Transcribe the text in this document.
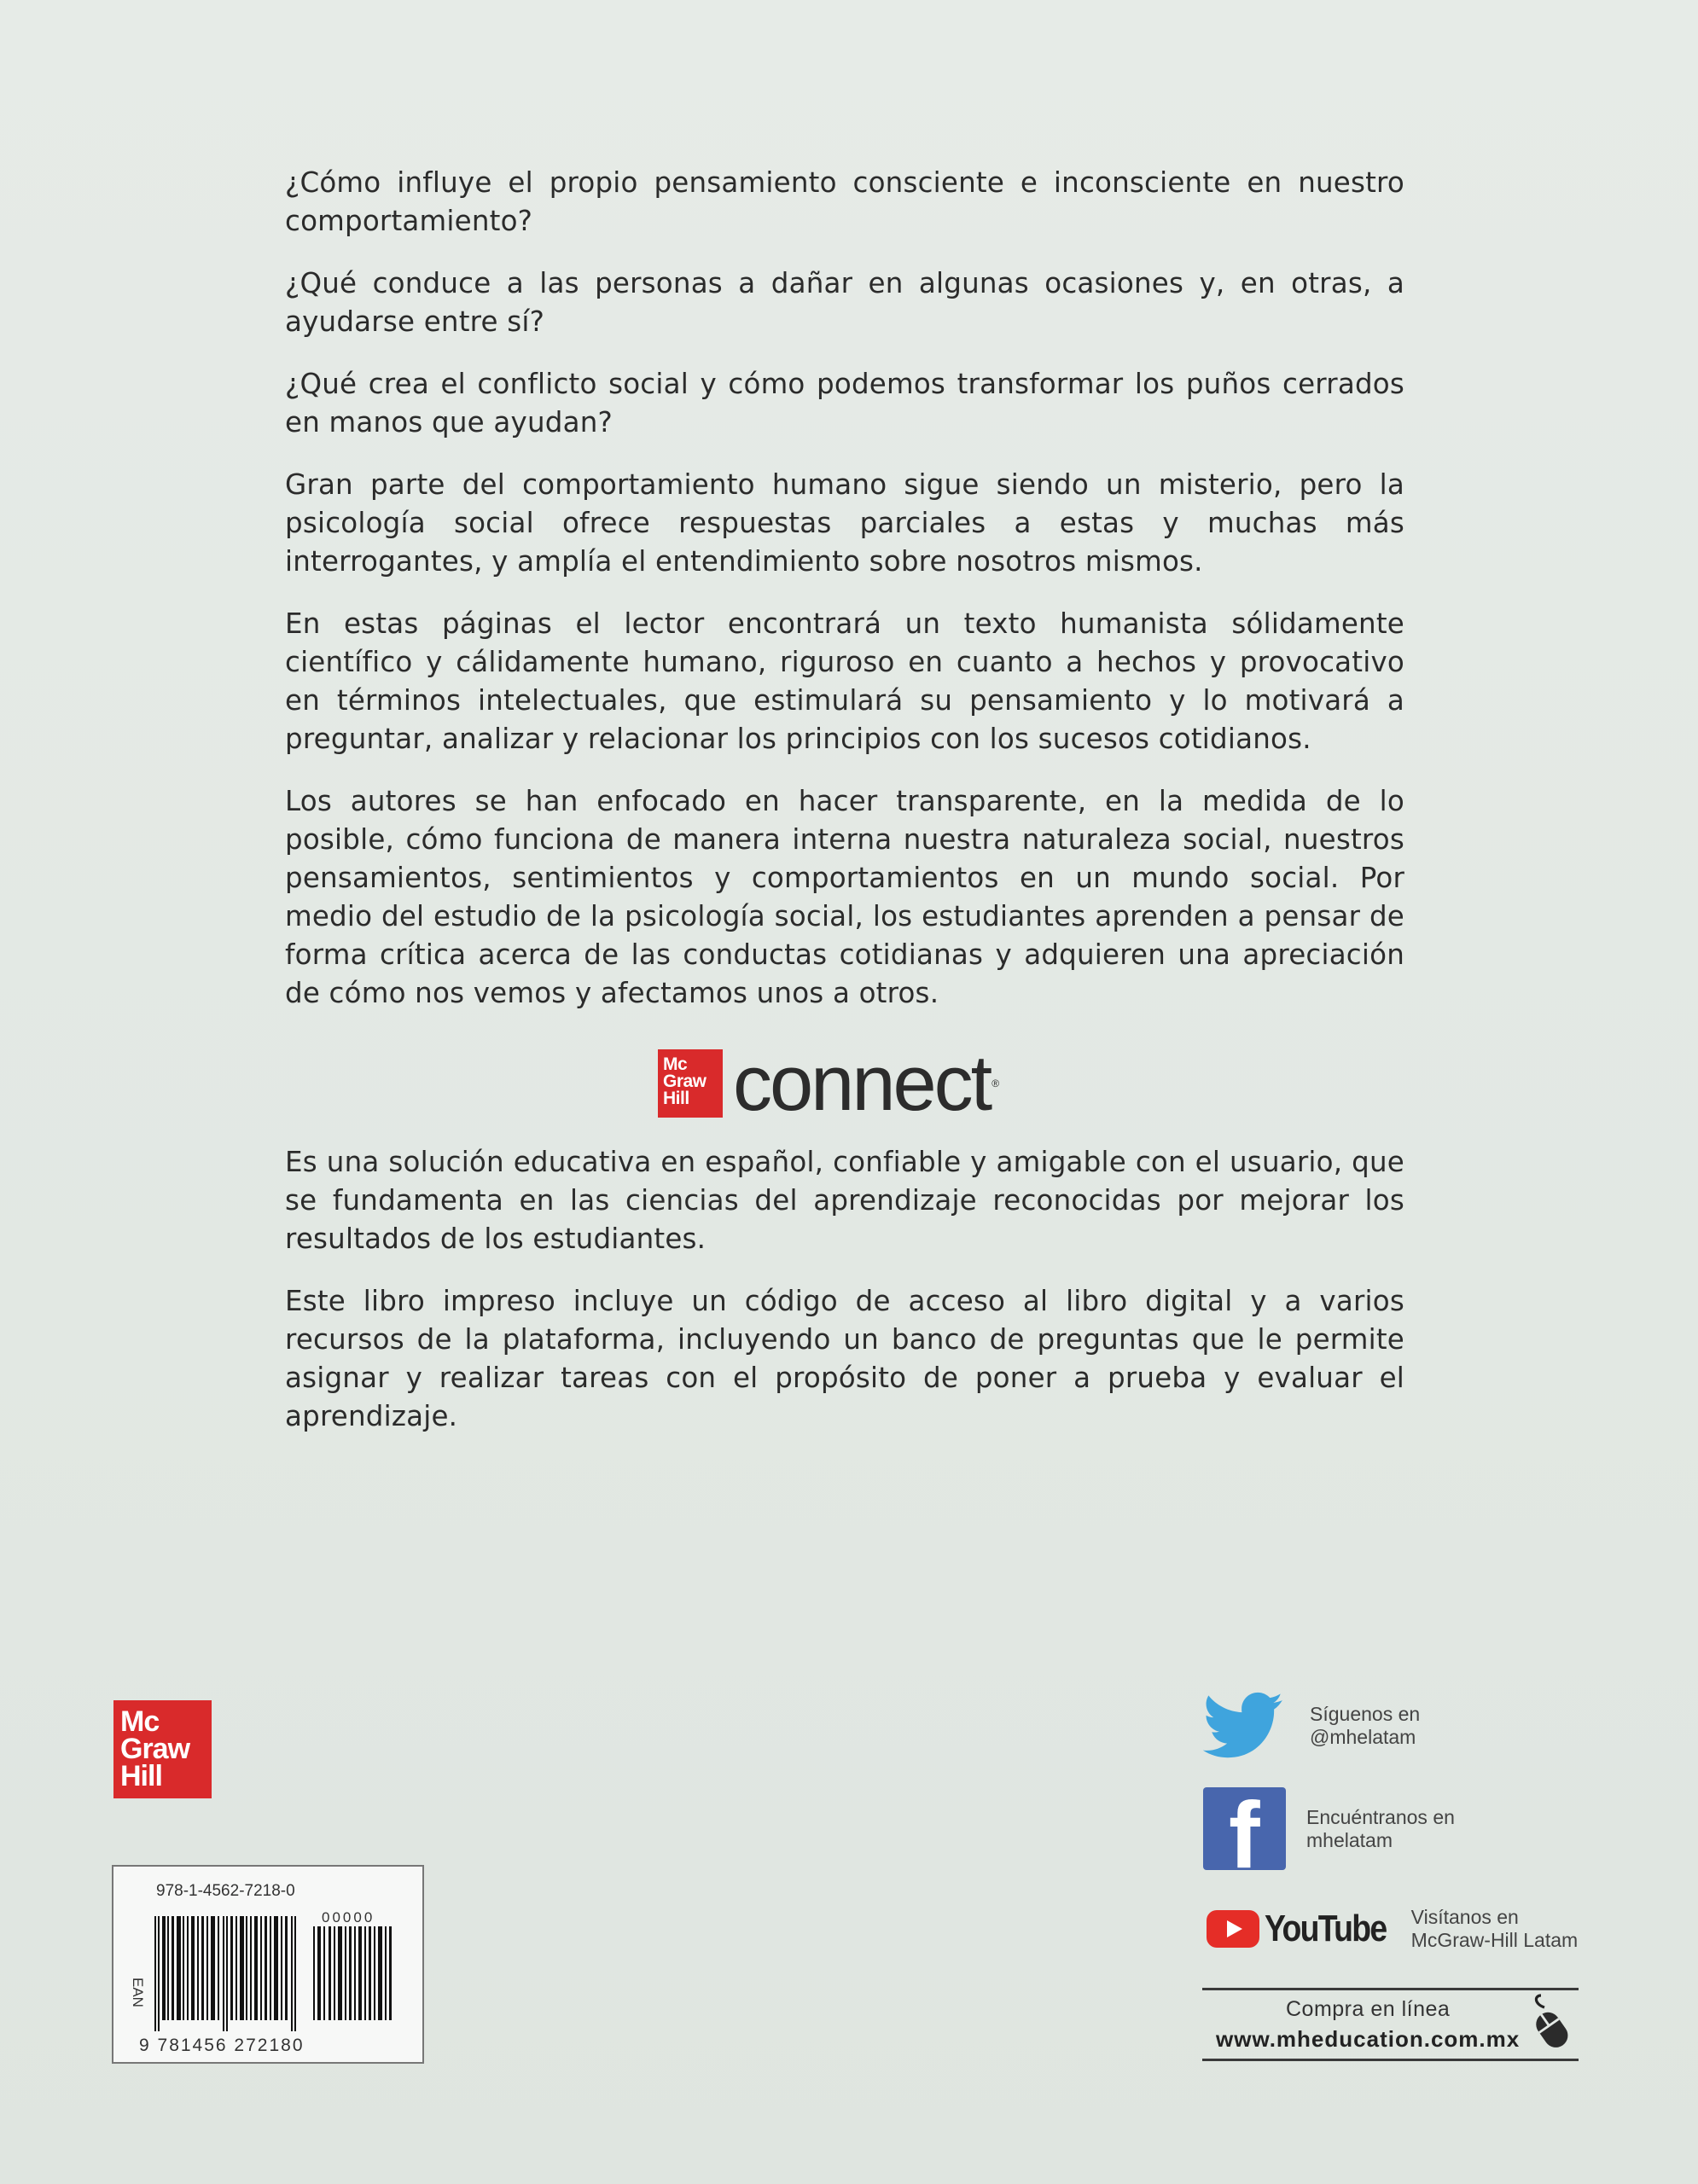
¿Cómo influye el propio pensamiento consciente e inconsciente en nuestro comportamiento?

¿Qué conduce a las personas a dañar en algunas ocasiones y, en otras, a ayudarse entre sí?

¿Qué crea el conflicto social y cómo podemos transformar los puños cerrados en manos que ayudan?

Gran parte del comportamiento humano sigue siendo un misterio, pero la psicología social ofrece respuestas parciales a estas y muchas más interrogantes, y amplía el entendimiento sobre nosotros mismos.

En estas páginas el lector encontrará un texto humanista sólidamente científico y cálidamente humano, riguroso en cuanto a hechos y provocativo en términos intelectuales, que estimulará su pensamiento y lo motivará a preguntar, analizar y relacionar los principios con los sucesos cotidianos.

Los autores se han enfocado en hacer transparente, en la medida de lo posible, cómo funciona de manera interna nuestra naturaleza social, nuestros pensamientos, sentimientos y comportamientos en un mundo social. Por medio del estudio de la psicología social, los estudiantes aprenden a pensar de forma crítica acerca de las conductas cotidianas y adquieren una apreciación de cómo nos vemos y afectamos unos a otros.

Mc
Graw
Hill connect ®

Es una solución educativa en español, confiable y amigable con el usuario, que se fundamenta en las ciencias del aprendizaje reconocidas por mejorar los resultados de los estudiantes.

Este libro impreso incluye un código de acceso al libro digital y a varios recursos de la plataforma, incluyendo un banco de preguntas que le permite asignar y realizar tareas con el propósito de poner a prueba y evaluar el aprendizaje.

Mc
Graw
Hill
978-1-4562-7218-0
EAN
00000
9 781456 272180
Síguenos en
@mhelatam
f Encuéntranos en
mhelatam
YouTube Visítanos en
McGraw-Hill Latam
Compra en línea
www.mheducation.com.mx
